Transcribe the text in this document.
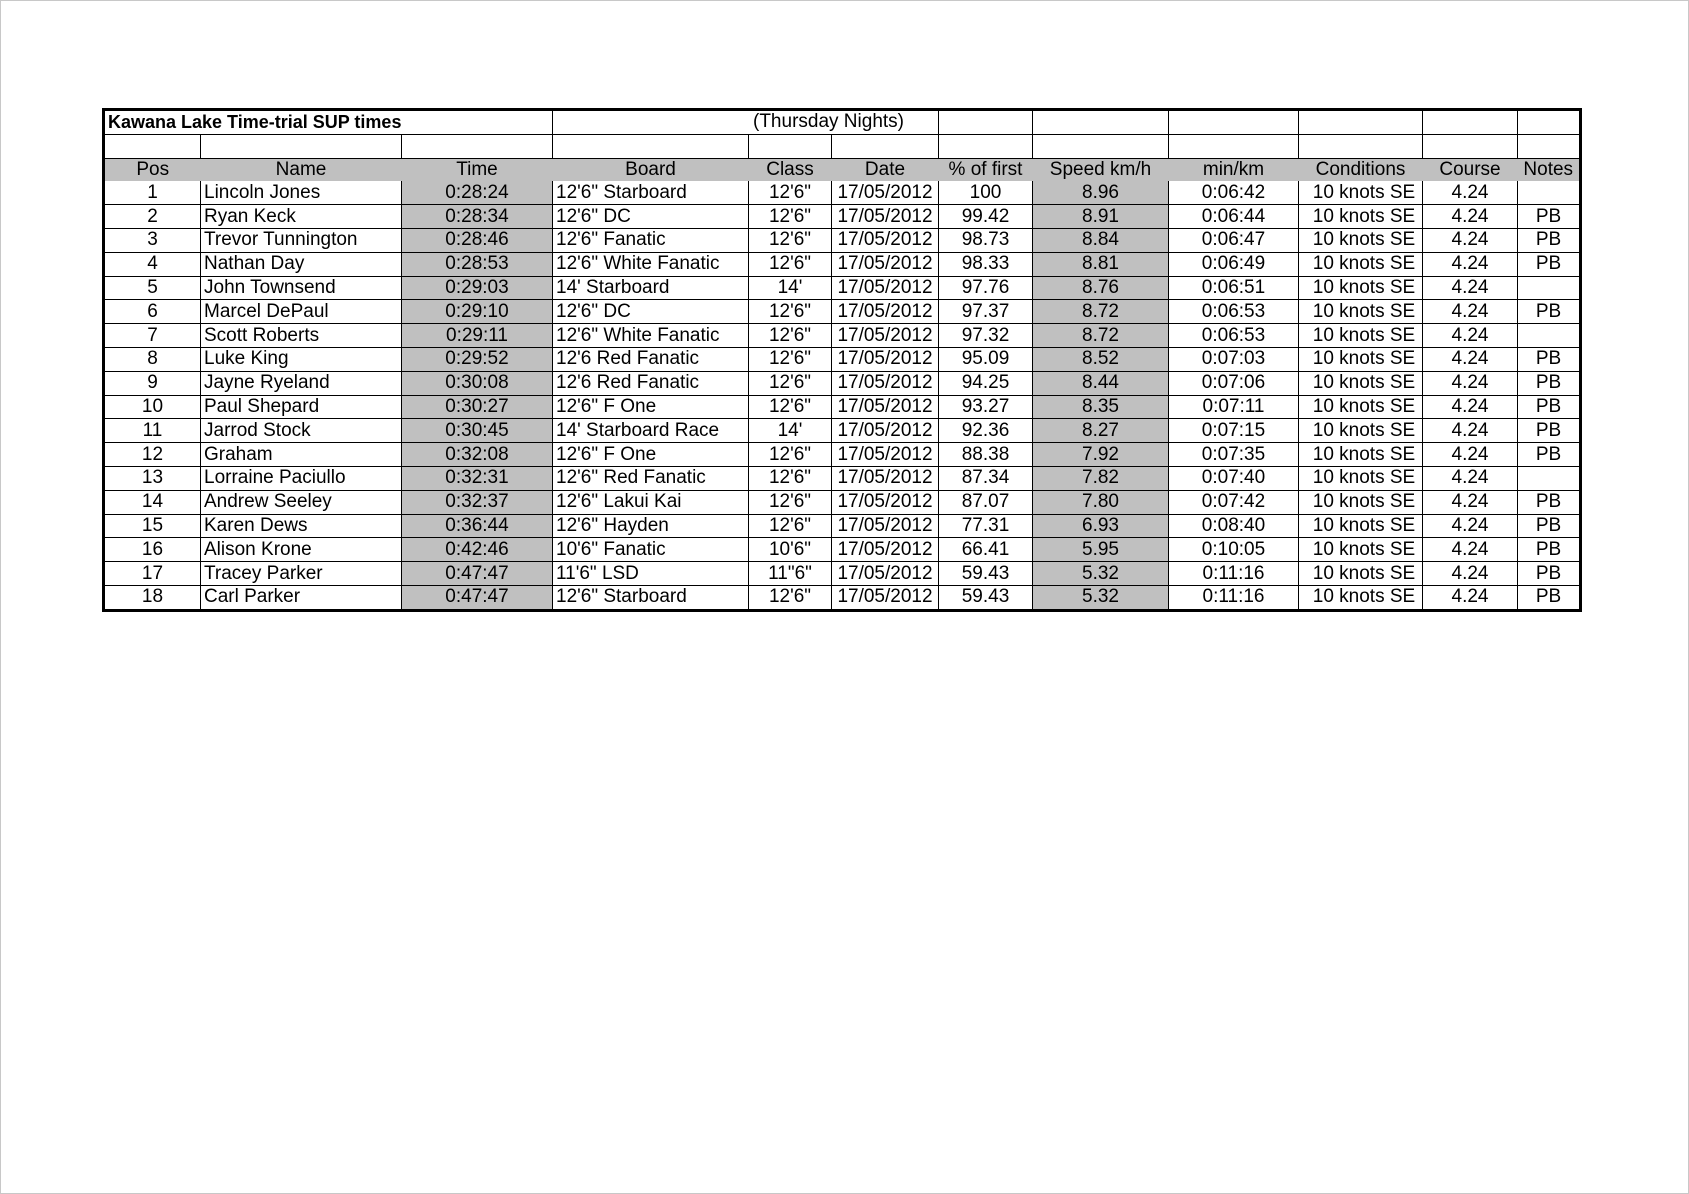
Kawana Lake Time-trial SUP times			(Thursday Nights)								

Pos	Name	Time	Board	Class	Date	% of first	Speed km/h	min/km	Conditions	Course	Notes
1	Lincoln Jones	0:28:24	12'6" Starboard	12'6"	17/05/2012	100	8.96	0:06:42	10 knots SE	4.24	
2	Ryan Keck	0:28:34	12'6" DC	12'6"	17/05/2012	99.42	8.91	0:06:44	10 knots SE	4.24	PB
3	Trevor Tunnington	0:28:46	12'6" Fanatic	12'6"	17/05/2012	98.73	8.84	0:06:47	10 knots SE	4.24	PB
4	Nathan Day	0:28:53	12'6" White Fanatic	12'6"	17/05/2012	98.33	8.81	0:06:49	10 knots SE	4.24	PB
5	John Townsend	0:29:03	14' Starboard	14'	17/05/2012	97.76	8.76	0:06:51	10 knots SE	4.24	
6	Marcel DePaul	0:29:10	12'6" DC	12'6"	17/05/2012	97.37	8.72	0:06:53	10 knots SE	4.24	PB
7	Scott Roberts	0:29:11	12'6" White Fanatic	12'6"	17/05/2012	97.32	8.72	0:06:53	10 knots SE	4.24	
8	Luke King	0:29:52	12'6 Red Fanatic	12'6"	17/05/2012	95.09	8.52	0:07:03	10 knots SE	4.24	PB
9	Jayne Ryeland	0:30:08	12'6 Red Fanatic	12'6"	17/05/2012	94.25	8.44	0:07:06	10 knots SE	4.24	PB
10	Paul Shepard	0:30:27	12'6" F One	12'6"	17/05/2012	93.27	8.35	0:07:11	10 knots SE	4.24	PB
11	Jarrod Stock	0:30:45	14' Starboard Race	14'	17/05/2012	92.36	8.27	0:07:15	10 knots SE	4.24	PB
12	Graham	0:32:08	12'6" F One	12'6"	17/05/2012	88.38	7.92	0:07:35	10 knots SE	4.24	PB
13	Lorraine Paciullo	0:32:31	12'6" Red Fanatic	12'6"	17/05/2012	87.34	7.82	0:07:40	10 knots SE	4.24	
14	Andrew Seeley	0:32:37	12'6" Lakui Kai	12'6"	17/05/2012	87.07	7.80	0:07:42	10 knots SE	4.24	PB
15	Karen Dews	0:36:44	12'6" Hayden	12'6"	17/05/2012	77.31	6.93	0:08:40	10 knots SE	4.24	PB
16	Alison Krone	0:42:46	10'6" Fanatic	10'6"	17/05/2012	66.41	5.95	0:10:05	10 knots SE	4.24	PB
17	Tracey Parker	0:47:47	11'6" LSD	11"6"	17/05/2012	59.43	5.32	0:11:16	10 knots SE	4.24	PB
18	Carl Parker	0:47:47	12'6" Starboard	12'6"	17/05/2012	59.43	5.32	0:11:16	10 knots SE	4.24	PB
